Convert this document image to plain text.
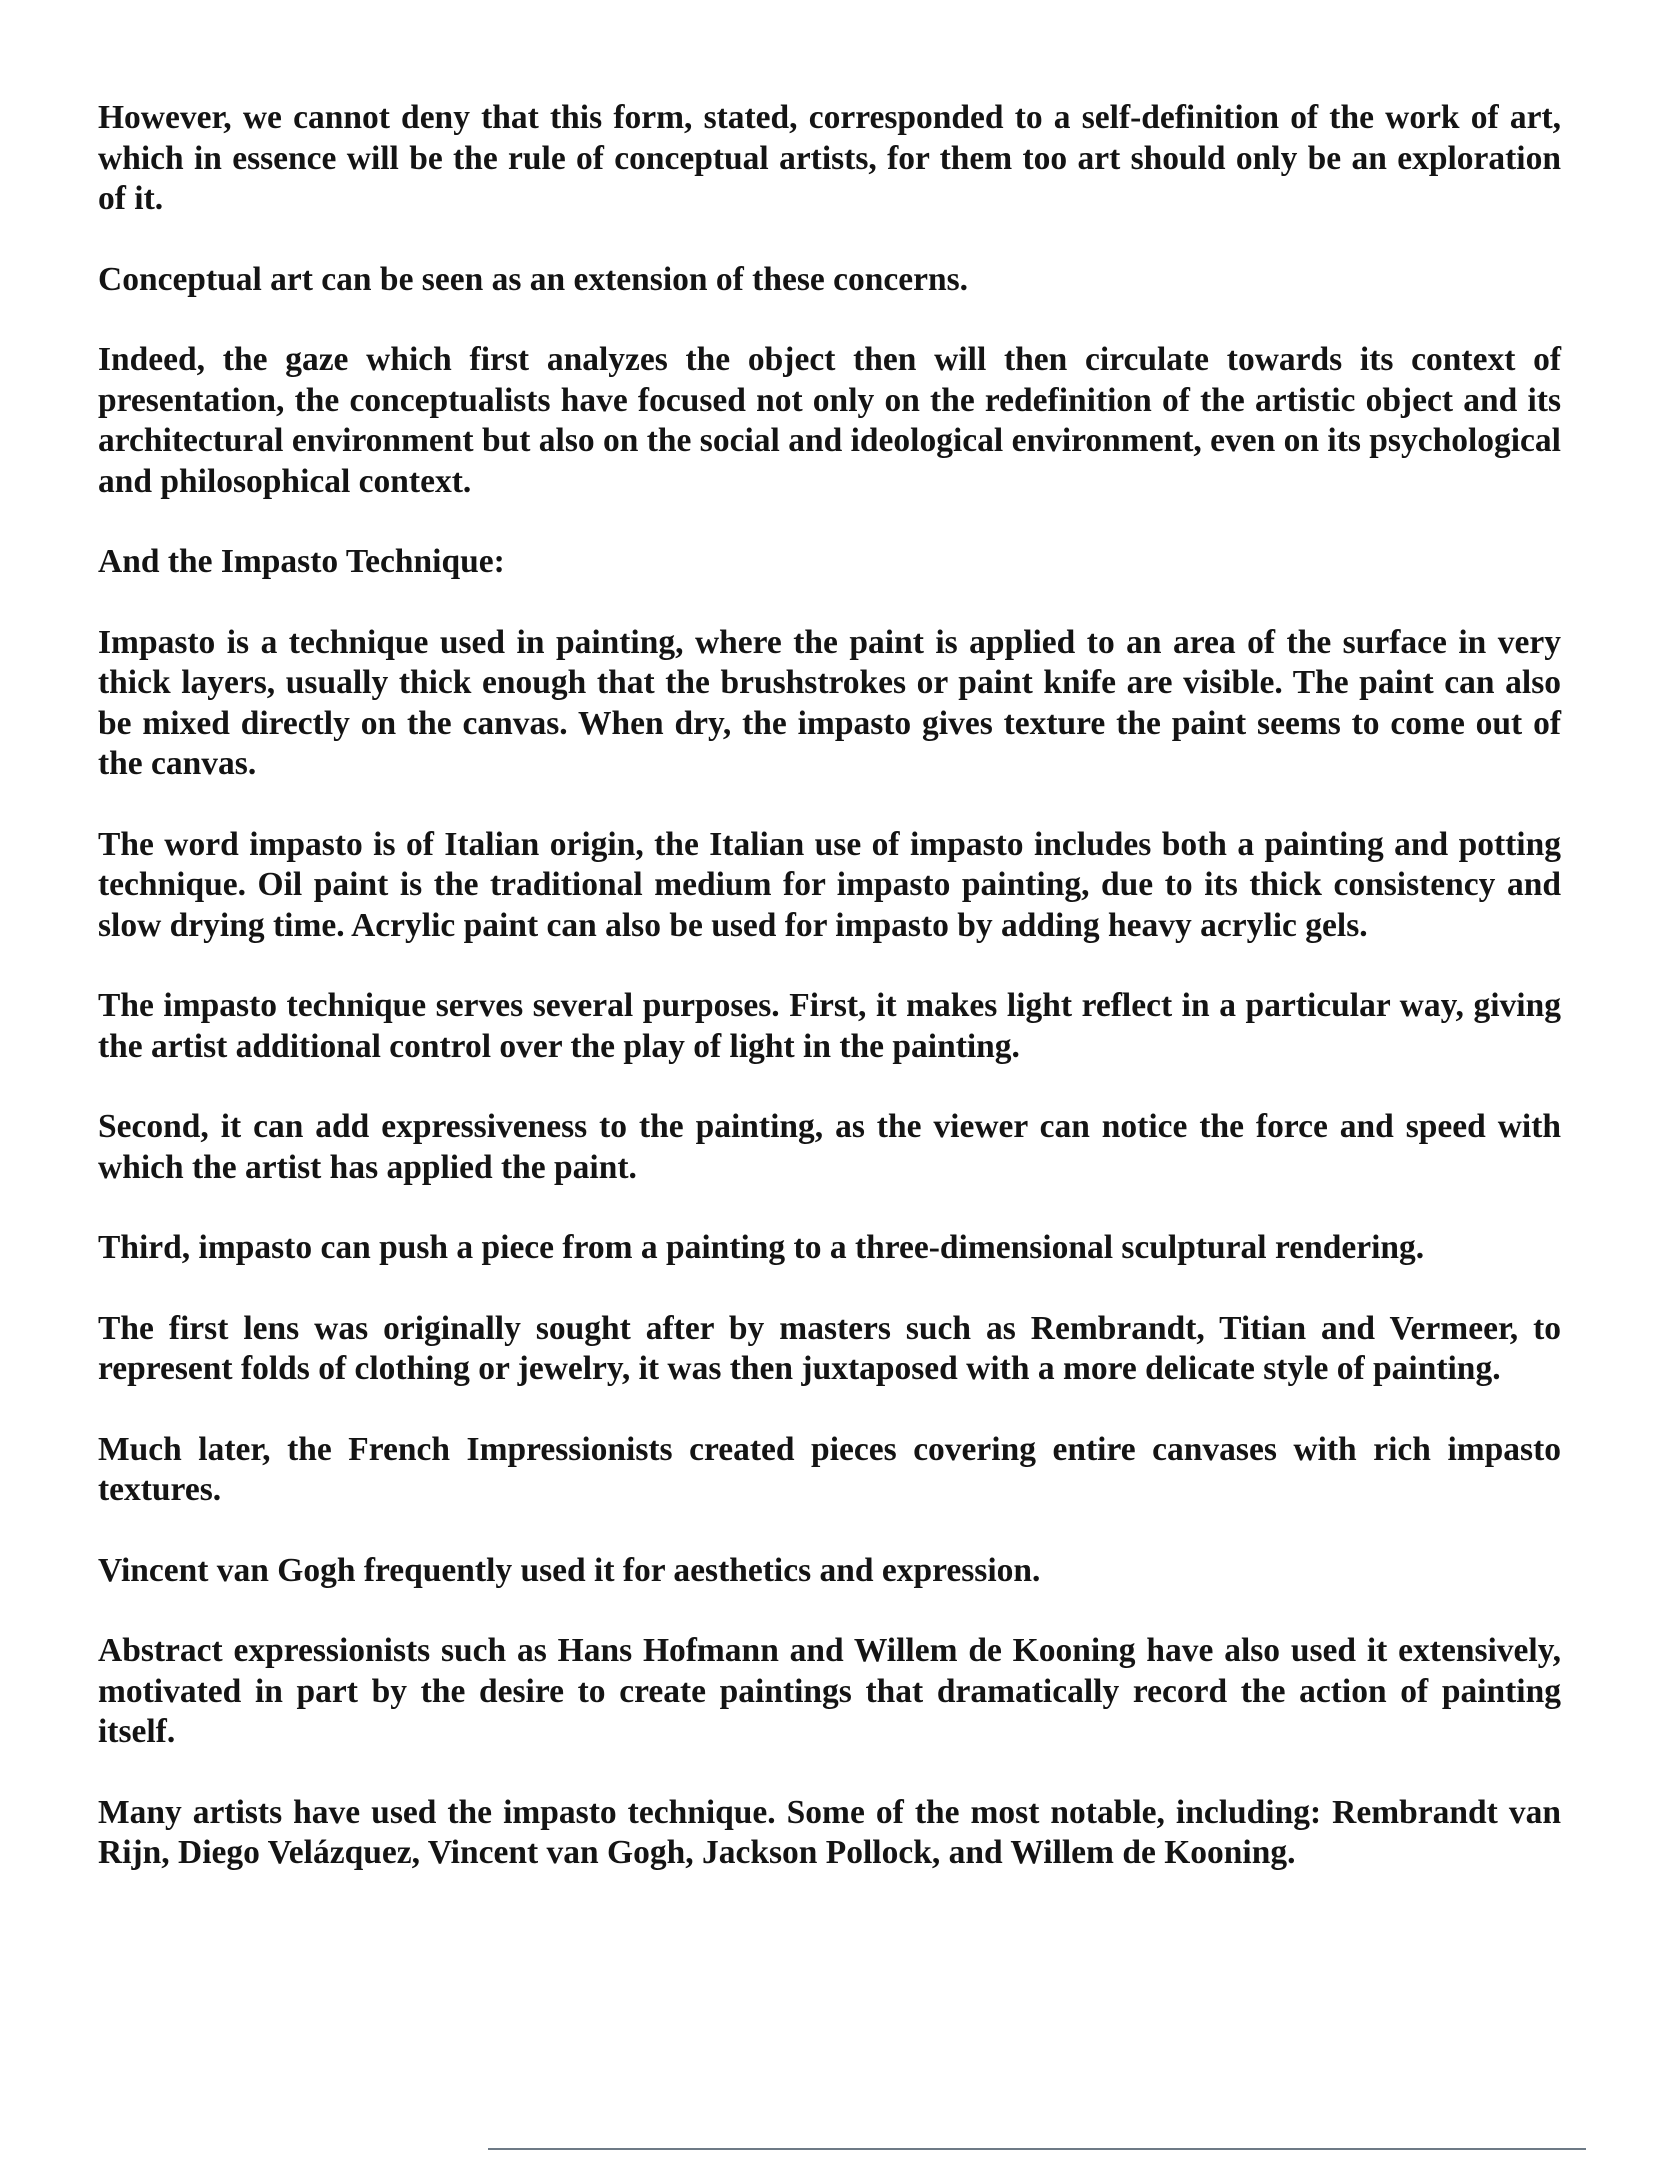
However, we cannot deny that this form, stated, corresponded to a self-definition of the work of art, which in essence will be the rule of conceptual artists, for them too art should only be an exploration of it.

Conceptual art can be seen as an extension of these concerns.

Indeed, the gaze which first analyzes the object then will then circulate towards its context of presentation, the conceptualists have focused not only on the redefinition of the artistic object and its architectural environment but also on the social and ideological environment, even on its psychological and philosophical context.

And the Impasto Technique:

Impasto is a technique used in painting, where the paint is applied to an area of the surface in very thick layers, usually thick enough that the brushstrokes or paint knife are visible. The paint can also be mixed directly on the canvas. When dry, the impasto gives texture the paint seems to come out of the canvas.

The word impasto is of Italian origin, the Italian use of impasto includes both a painting and potting technique. Oil paint is the traditional medium for impasto painting, due to its thick consistency and slow drying time. Acrylic paint can also be used for impasto by adding heavy acrylic gels.

The impasto technique serves several purposes. First, it makes light reflect in a particular way, giving the artist additional control over the play of light in the painting.

Second, it can add expressiveness to the painting, as the viewer can notice the force and speed with which the artist has applied the paint.

Third, impasto can push a piece from a painting to a three-dimensional sculptural rendering.

The first lens was originally sought after by masters such as Rembrandt, Titian and Vermeer, to represent folds of clothing or jewelry, it was then juxtaposed with a more delicate style of painting.

Much later, the French Impressionists created pieces covering entire canvases with rich impasto textures.

Vincent van Gogh frequently used it for aesthetics and expression.

Abstract expressionists such as Hans Hofmann and Willem de Kooning have also used it extensively, motivated in part by the desire to create paintings that dramatically record the action of painting itself.

Many artists have used the impasto technique. Some of the most notable, including: Rembrandt van Rijn, Diego Velázquez, Vincent van Gogh, Jackson Pollock, and Willem de Kooning.
